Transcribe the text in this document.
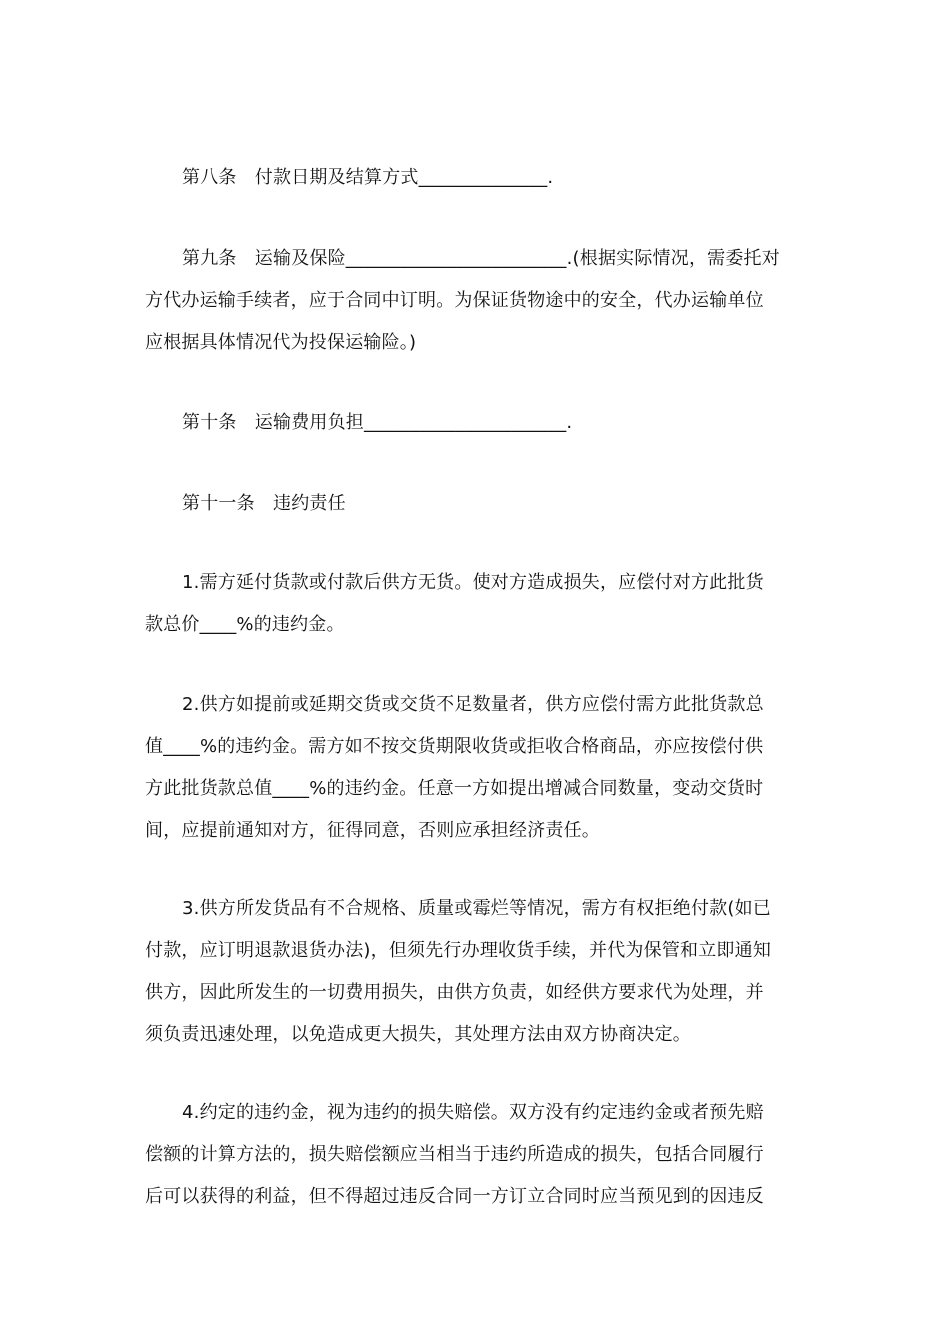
第八条　付款日期及结算方式______________.
第九条　运输及保险________________________.(根据实际情况，需委托对
方代办运输手续者，应于合同中订明。为保证货物途中的安全，代办运输单位
应根据具体情况代为投保运输险。)
第十条　运输费用负担______________________.
第十一条　违约责任
1.需方延付货款或付款后供方无货。使对方造成损失，应偿付对方此批货
款总价____%的违约金。
2.供方如提前或延期交货或交货不足数量者，供方应偿付需方此批货款总
值____%的违约金。需方如不按交货期限收货或拒收合格商品，亦应按偿付供
方此批货款总值____%的违约金。任意一方如提出增减合同数量，变动交货时
间，应提前通知对方，征得同意，否则应承担经济责任。
3.供方所发货品有不合规格、质量或霉烂等情况，需方有权拒绝付款(如已
付款，应订明退款退货办法)，但须先行办理收货手续，并代为保管和立即通知
供方，因此所发生的一切费用损失，由供方负责，如经供方要求代为处理，并
须负责迅速处理，以免造成更大损失，其处理方法由双方协商决定。
4.约定的违约金，视为违约的损失赔偿。双方没有约定违约金或者预先赔
偿额的计算方法的，损失赔偿额应当相当于违约所造成的损失，包括合同履行
后可以获得的利益，但不得超过违反合同一方订立合同时应当预见到的因违反
